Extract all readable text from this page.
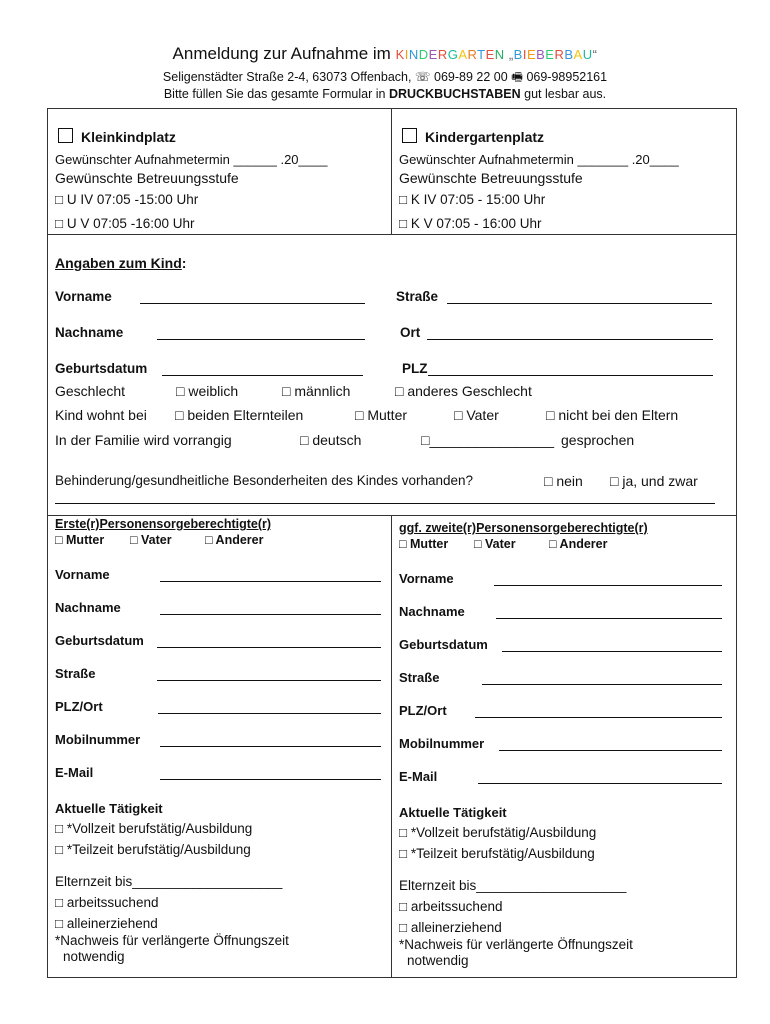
Anmeldung zur Aufnahme im KINDERGARTEN „BIEBERBAU“
Seligenstädter Straße 2-4, 63073 Offenbach, ☏ 069-89 22 00 🖷 069-98952161
Bitte füllen Sie das gesamte Formular in DRUCKBUCHSTABEN gut lesbar aus.
Kleinkindplatz
Gewünschter Aufnahmetermin ______ .20____
Gewünschte Betreuungsstufe
□ U IV 07:05 -15:00 Uhr
□ U V 07:05 -16:00 Uhr
Kindergartenplatz
Gewünschter Aufnahmetermin _______ .20____
Gewünschte Betreuungsstufe
□ K IV 07:05 - 15:00 Uhr
□ K V 07:05 - 16:00 Uhr
Angaben zum Kind:
Vorname	Straße
Nachname	Ort
Geburtsdatum	PLZ
Geschlecht	□ weiblich	□ männlich	□ anderes Geschlecht
Kind wohnt bei □ beiden Elternteilen	□ Mutter	□ Vater	□ nicht bei den Eltern
In der Familie wird vorrangig	□ deutsch	□________________ gesprochen
Behinderung/gesundheitliche Besonderheiten des Kindes vorhanden?	□ nein □ ja, und zwar
Erste(r)Personensorgeberechtigte(r)
□ Mutter □ Vater	□ Anderer
Vorname
Nachname
Geburtsdatum
Straße
PLZ/Ort
Mobilnummer
E-Mail
Aktuelle Tätigkeit
□ *Vollzeit berufstätig/Ausbildung
□ *Teilzeit berufstätig/Ausbildung
Elternzeit bis____________________
□ arbeitssuchend
□ alleinerziehend
*Nachweis für verlängerte Öffnungszeit
notwendig
ggf. zweite(r)Personensorgeberechtigte(r)
□ Mutter □ Vater	□ Anderer
Vorname
Nachname
Geburtsdatum
Straße
PLZ/Ort
Mobilnummer
E-Mail
Aktuelle Tätigkeit
□ *Vollzeit berufstätig/Ausbildung
□ *Teilzeit berufstätig/Ausbildung
Elternzeit bis____________________
□ arbeitssuchend
□ alleinerziehend
*Nachweis für verlängerte Öffnungszeit
notwendig
